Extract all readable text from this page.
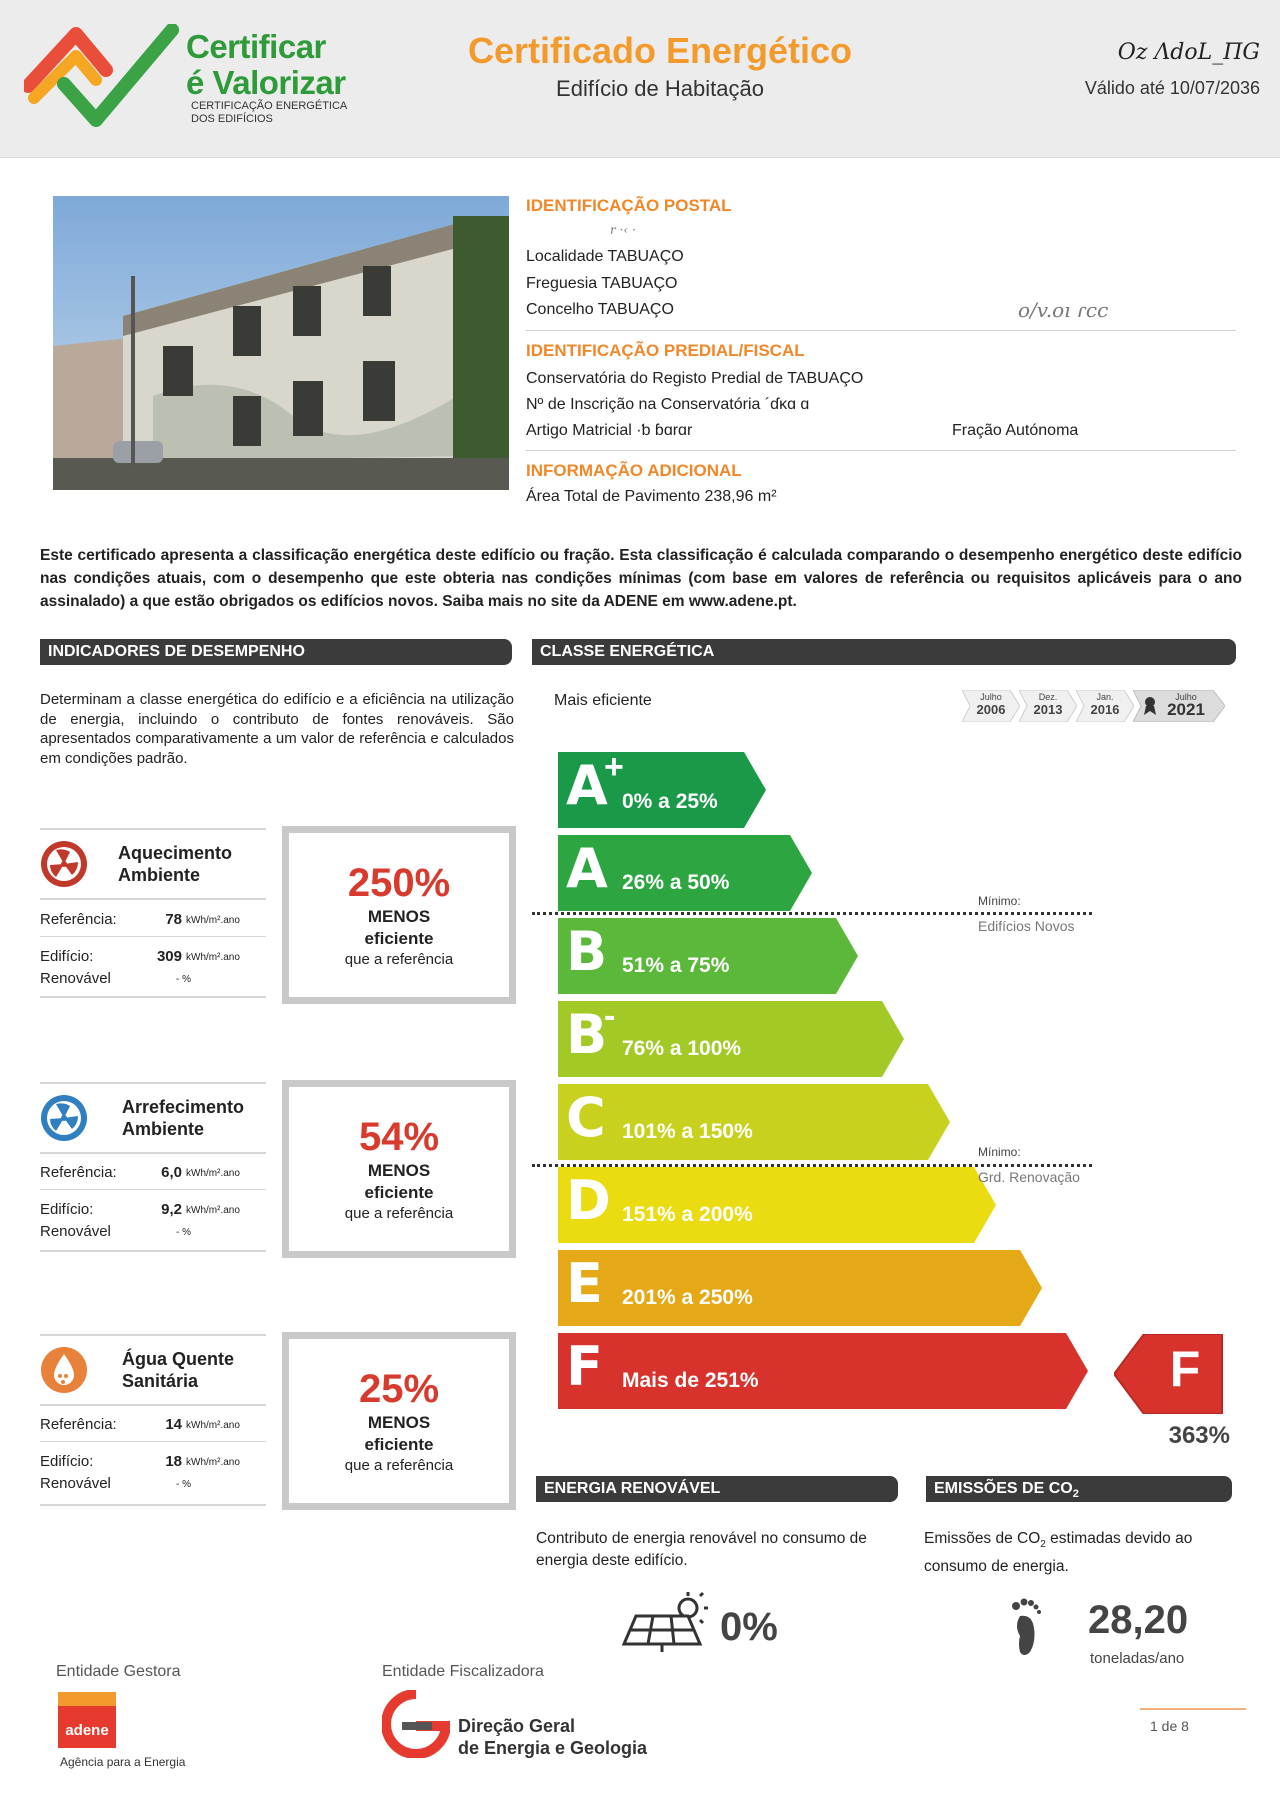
Certificar
é Valorizar
CERTIFICAÇÃO ENERGÉTICA
DOS EDIFÍCIOS
Certificado Energético
Edifício de Habitação
Oz ΛdoL_ΠG
Válido até 10/07/2036
IDENTIFICAÇÃO POSTAL
r ·‹ ·
Localidade TABUAÇO
Freguesia TABUAÇO
Concelho TABUAÇO	o/v.oı ɾcc
IDENTIFICAÇÃO PREDIAL/FISCAL
Conservatória do Registo Predial de TABUAÇO
Nº de Inscrição na Conservatória ´ɗĸɑ ɑ
Artigo Matricial ·ƅ ɓɑrɑr	Fração Autónoma
INFORMAÇÃO ADICIONAL
Área Total de Pavimento 238,96 m²
Este certificado apresenta a classificação energética deste edifício ou fração. Esta classificação é calculada comparando o desempenho energético deste edifício nas condições atuais, com o desempenho que este obteria nas condições mínimas (com base em valores de referência ou requisitos aplicáveis para o ano assinalado) a que estão obrigados os edifícios novos. Saiba mais no site da ADENE em www.adene.pt.
INDICADORES DE DESEMPENHO	CLASSE ENERGÉTICA
Determinam a classe energética do edifício e a eficiência na utilização de energia, incluindo o contributo de fontes renováveis. São apresentados comparativamente a um valor de referência e calculados em condições padrão.
Aquecimento
Ambiente
Referência:	78 kWh/m².ano
Edifício:	309 kWh/m².ano
Renovável	- %
250%
MENOS
eficiente
que a referência
Arrefecimento
Ambiente
Referência:	6,0 kWh/m².ano
Edifício:	9,2 kWh/m².ano
Renovável	- %
54%
MENOS
eficiente
que a referência
Água Quente
Sanitária
Referência:	14 kWh/m².ano
Edifício:	18 kWh/m².ano
Renovável	- %
25%
MENOS
eficiente
que a referência
Mais eficiente	Julho
2006
Dez.
2013
Jan.
2016
Julho
2021
A
+
0% a 25%
A 26% a 50%
B 51% a 75%
B
-
76% a 100%
C 101% a 150%
D 151% a 200%
E 201% a 250%
F Mais de 251%
Mínimo:
Edifícios Novos
Mínimo:
Grd. Renovação
F
363%
ENERGIA RENOVÁVEL
Contributo de energia renovável no consumo de energia deste edifício.
0%
EMISSÕES DE $CO_2$
Emissões de $CO_2$ estimadas devido ao consumo de energia.
28,20
toneladas/ano
Entidade Gestora
adene
Agência para a Energia
Entidade Fiscalizadora
Direção Geral
de Energia e Geologia
1 de 8
